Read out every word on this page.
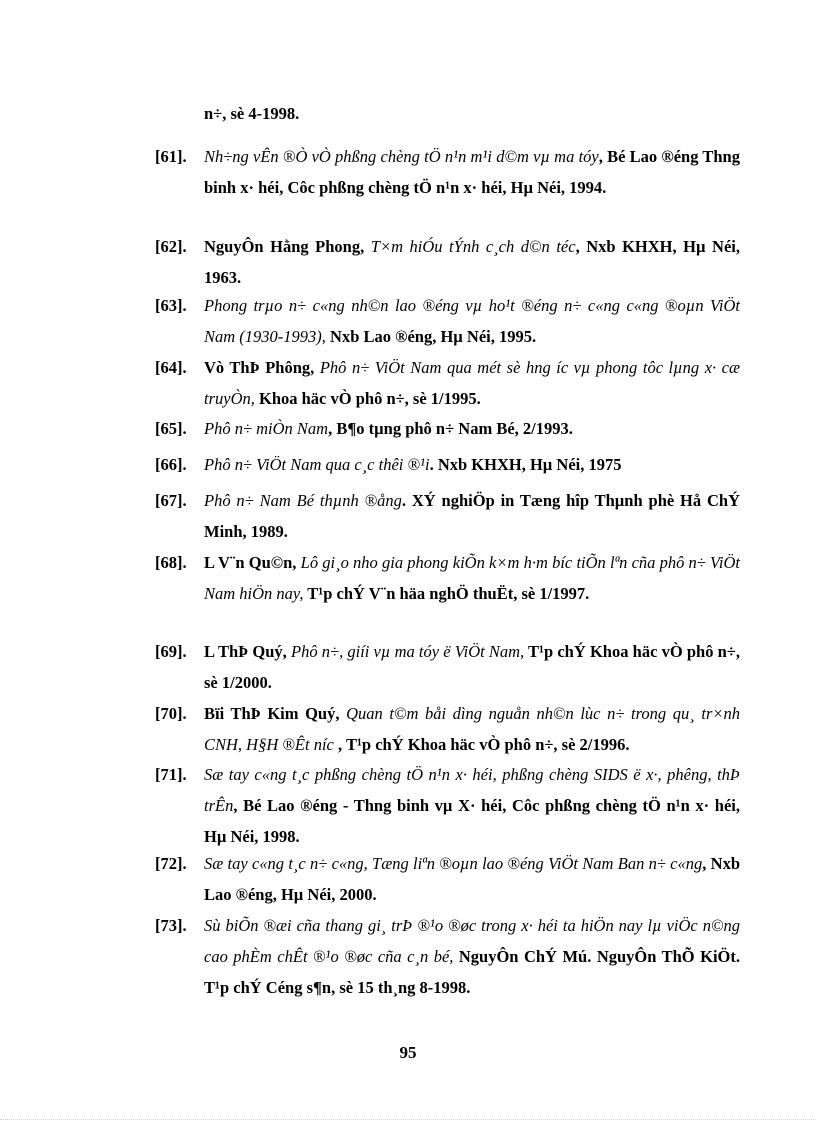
n÷, sè 4-1998.
[61]. Nh÷ng vÊn ®Ò vÒ phßng chèng tÖ n¹n m¹i d©m vµ ma tóy, Bé Lao ®éng Thng binh x· héi, Côc phßng chèng tÖ n¹n x· héi, Hµ Néi, 1994.
[62]. NguyÔn Hằng Phong, T×m hiÓu tÝnh c¸ch d©n téc, Nxb KHXH, Hµ Néi, 1963.
[63]. Phong trµo n÷ c«ng nh©n lao ®éng vµ ho¹t ®éng n÷ c«ng c«ng ®oµn ViÖt Nam (1930-1993), Nxb Lao ®éng, Hµ Néi, 1995.
[64]. Vò ThÞ Phông, Phô n÷ ViÖt Nam qua mét sè hng íc vµ phong tôc lµng x· cæ truyÒn, Khoa häc vÒ phô n÷, sè 1/1995.
[65]. Phô n÷ miÒn Nam, B¶o tµng phô n÷ Nam Bé, 2/1993.
[66]. Phô n÷ ViÖt Nam qua c¸c thêi ®¹i. Nxb KHXH, Hµ Néi, 1975
[67]. Phô n÷ Nam Bé thµnh ®ång. XÝ nghiÖp in Tæng hîp Thµnh phè Hå ChÝ Minh, 1989.
[68]. L V¨n Qu©n, Lô gi¸o nho gia phong kiÕn k×m h·m bíc tiÕn lªn cña phô n÷ ViÖt Nam hiÖn nay, T¹p chÝ V¨n häa nghÖ thuËt, sè 1/1997.
[69]. L ThÞ Quý, Phô n÷, giíi vµ ma tóy ë ViÖt Nam, T¹p chÝ Khoa häc vÒ phô n÷, sè 1/2000.
[70]. Bïi ThÞ Kim Quý, Quan t©m båi dìng nguån nh©n lùc n÷ trong qu¸ tr×nh CNH, H§H ®Êt níc , T¹p chÝ Khoa häc vÒ phô n÷, sè 2/1996.
[71]. Sæ tay c«ng t¸c phßng chèng tÖ n¹n x· héi, phßng chèng SIDS ë x·, phêng, thÞ trÊn, Bé Lao ®éng - Thng binh vµ X· héi, Côc phßng chèng tÖ n¹n x· héi, Hµ Néi, 1998.
[72]. Sæ tay c«ng t¸c n÷ c«ng, Tæng liªn ®oµn lao ®éng ViÖt Nam Ban n÷ c«ng, Nxb Lao ®éng, Hµ Néi, 2000.
[73]. Sù biÕn ®æi cña thang gi¸ trÞ ®¹o ®øc trong x· héi ta hiÖn nay lµ viÖc n©ng cao phÈm chÊt ®¹o ®øc cña c¸n bé, NguyÔn ChÝ Mú. NguyÔn ThÕ KiÖt. T¹p chÝ Céng s¶n, sè 15 th¸ng 8-1998.
95
